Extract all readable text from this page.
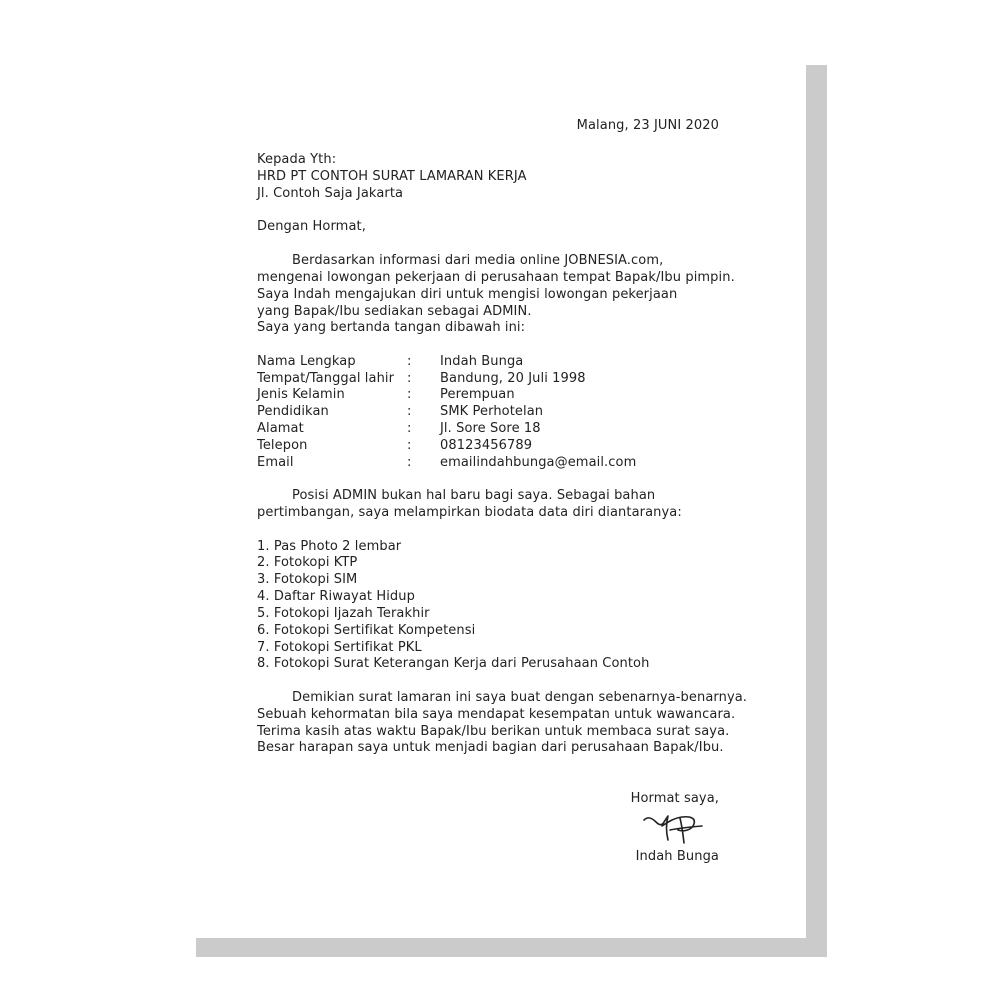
Malang, 23 JUNI 2020
Kepada Yth:
HRD PT CONTOH SURAT LAMARAN KERJA
Jl. Contoh Saja Jakarta
Dengan Hormat,
Berdasarkan informasi dari media online JOBNESIA.com,
mengenai lowongan pekerjaan di perusahaan tempat Bapak/Ibu pimpin.
Saya Indah mengajukan diri untuk mengisi lowongan pekerjaan
yang Bapak/Ibu sediakan sebagai ADMIN.
Saya yang bertanda tangan dibawah ini:
Nama Lengkap	: Indah Bunga
Tempat/Tanggal lahir : Bandung, 20 Juli 1998
Jenis Kelamin	: Perempuan
Pendidikan	: SMK Perhotelan
Alamat	: Jl. Sore Sore 18
Telepon	: 08123456789
Email	: emailindahbunga@email.com
Posisi ADMIN bukan hal baru bagi saya. Sebagai bahan
pertimbangan, saya melampirkan biodata data diri diantaranya:
1. Pas Photo 2 lembar
2. Fotokopi KTP
3. Fotokopi SIM
4. Daftar Riwayat Hidup
5. Fotokopi Ijazah Terakhir
6. Fotokopi Sertifikat Kompetensi
7. Fotokopi Sertifikat PKL
8. Fotokopi Surat Keterangan Kerja dari Perusahaan Contoh
Demikian surat lamaran ini saya buat dengan sebenarnya-benarnya.
Sebuah kehormatan bila saya mendapat kesempatan untuk wawancara.
Terima kasih atas waktu Bapak/Ibu berikan untuk membaca surat saya.
Besar harapan saya untuk menjadi bagian dari perusahaan Bapak/Ibu.
Hormat saya,
Indah Bunga
